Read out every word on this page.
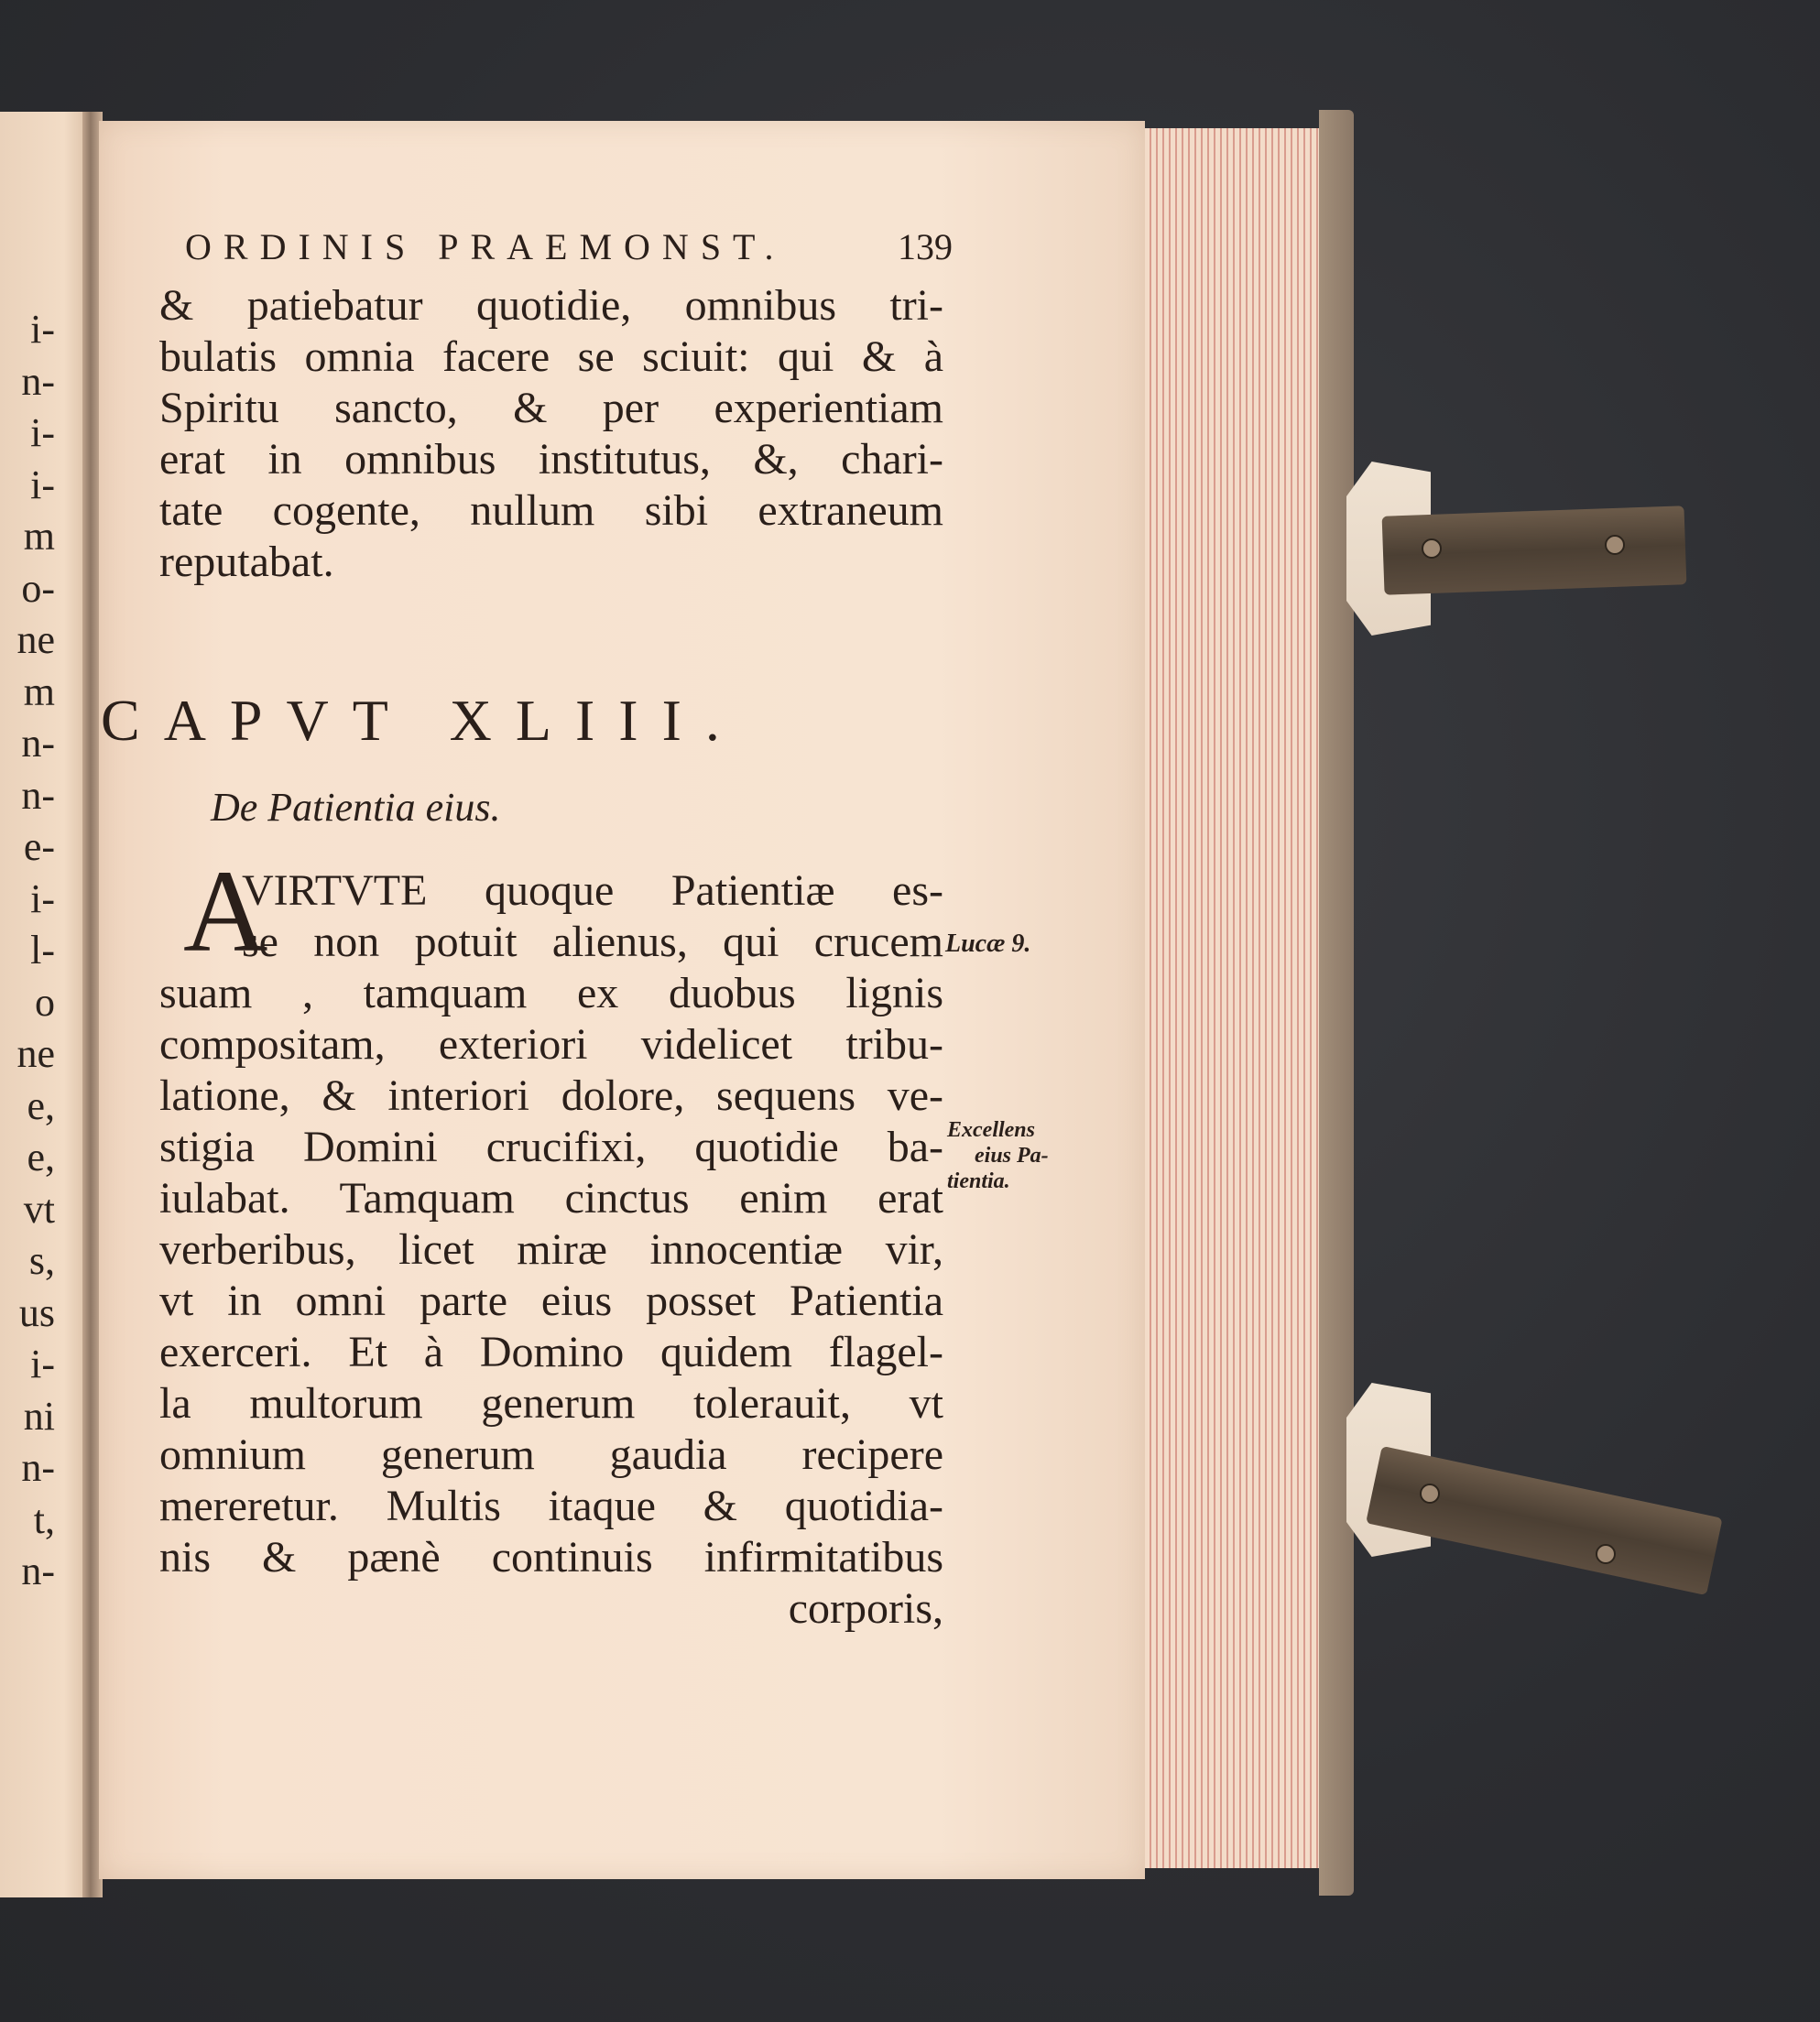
i-
n-
i-
i-
m
o-
ne
m
n-
n-
e-
i-
l-
o
ne
e,
e,
vt
s,
us
i-
ni
n-
t,
n-
ORDINIS PRAEMONST.	139
& patiebatur quotidie, omnibus tri-
bulatis omnia facere se sciuit: qui & à
Spiritu sancto, & per experientiam
erat in omnibus institutus, &, chari-
tate cogente, nullum sibi extraneum
reputabat.
CAPVT XLIII.
De Patientia eius.
A
VIRTVTE quoque Patientiæ es-
se non potuit alienus, qui crucem
suam , tamquam ex duobus lignis
compositam, exteriori videlicet tribu-
latione, & interiori dolore, sequens ve-
stigia Domini crucifixi, quotidie ba-
iulabat. Tamquam cinctus enim erat
verberibus, licet miræ innocentiæ vir,
vt in omni parte eius posset Patientia
exerceri. Et à Domino quidem flagel-
la multorum generum tolerauit, vt
omnium generum gaudia recipere
mereretur. Multis itaque & quotidia-
nis & pænè continuis infirmitatibus
corporis,
Lucæ 9.
Excellens
eius Pa-
tientia.
